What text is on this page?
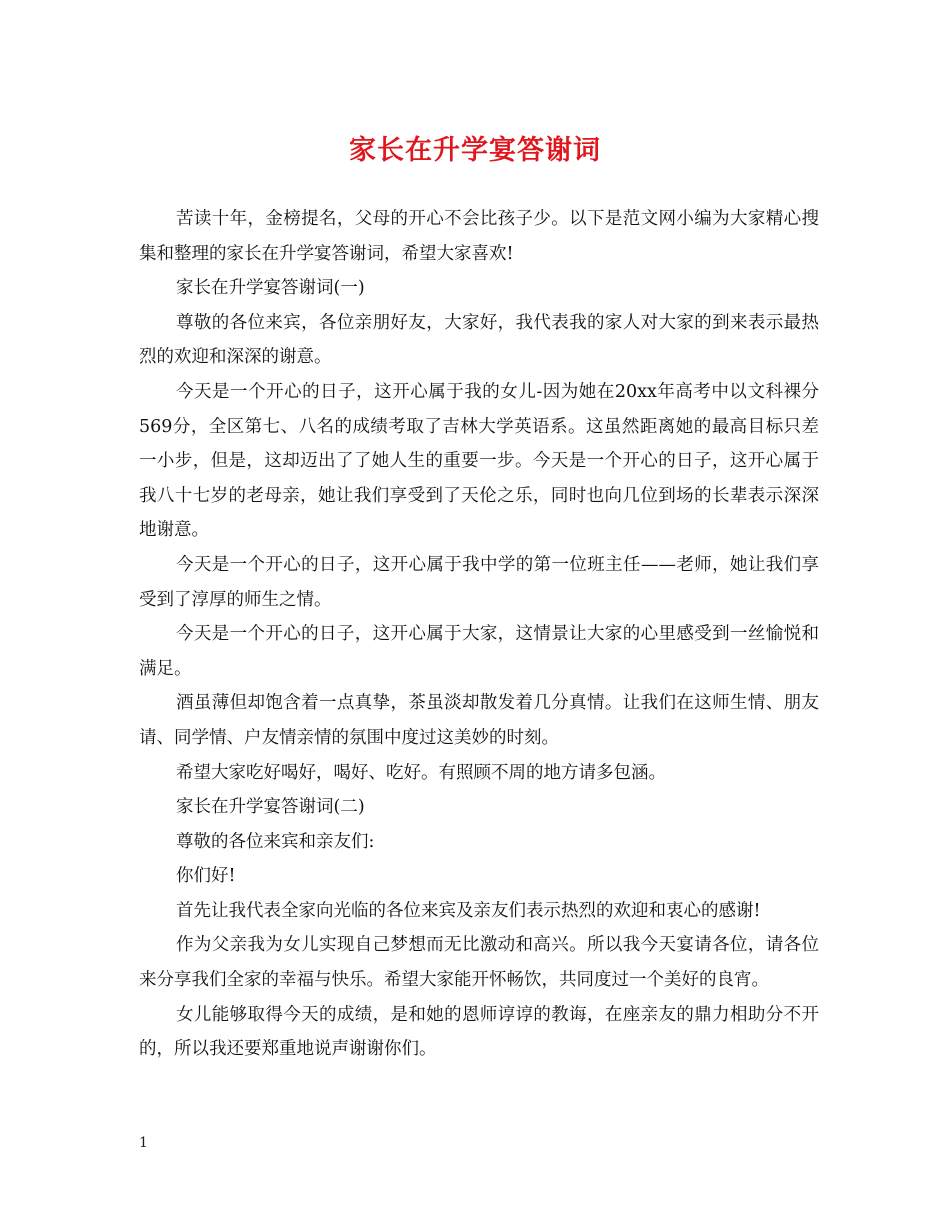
家长在升学宴答谢词

苦读十年，金榜提名，父母的开心不会比孩子少。以下是范文网小编为大家精心搜集和整理的家长在升学宴答谢词，希望大家喜欢!

家长在升学宴答谢词(一)

尊敬的各位来宾，各位亲朋好友，大家好，我代表我的家人对大家的到来表示最热烈的欢迎和深深的谢意。

今天是一个开心的日子，这开心属于我的女儿-因为她在20xx年高考中以文科裸分569分，全区第七、八名的成绩考取了吉林大学英语系。这虽然距离她的最高目标只差一小步，但是，这却迈出了了她人生的重要一步。今天是一个开心的日子，这开心属于我八十七岁的老母亲，她让我们享受到了天伦之乐，同时也向几位到场的长辈表示深深地谢意。

今天是一个开心的日子，这开心属于我中学的第一位班主任——老师，她让我们享受到了淳厚的师生之情。

今天是一个开心的日子，这开心属于大家，这情景让大家的心里感受到一丝愉悦和满足。

酒虽薄但却饱含着一点真挚，茶虽淡却散发着几分真情。让我们在这师生情、朋友请、同学情、户友情亲情的氛围中度过这美妙的时刻。

希望大家吃好喝好，喝好、吃好。有照顾不周的地方请多包涵。

家长在升学宴答谢词(二)

尊敬的各位来宾和亲友们:

你们好!

首先让我代表全家向光临的各位来宾及亲友们表示热烈的欢迎和衷心的感谢!

作为父亲我为女儿实现自己梦想而无比激动和高兴。所以我今天宴请各位，请各位来分享我们全家的幸福与快乐。希望大家能开怀畅饮，共同度过一个美好的良宵。

女儿能够取得今天的成绩，是和她的恩师谆谆的教诲，在座亲友的鼎力相助分不开的，所以我还要郑重地说声谢谢你们。

1
